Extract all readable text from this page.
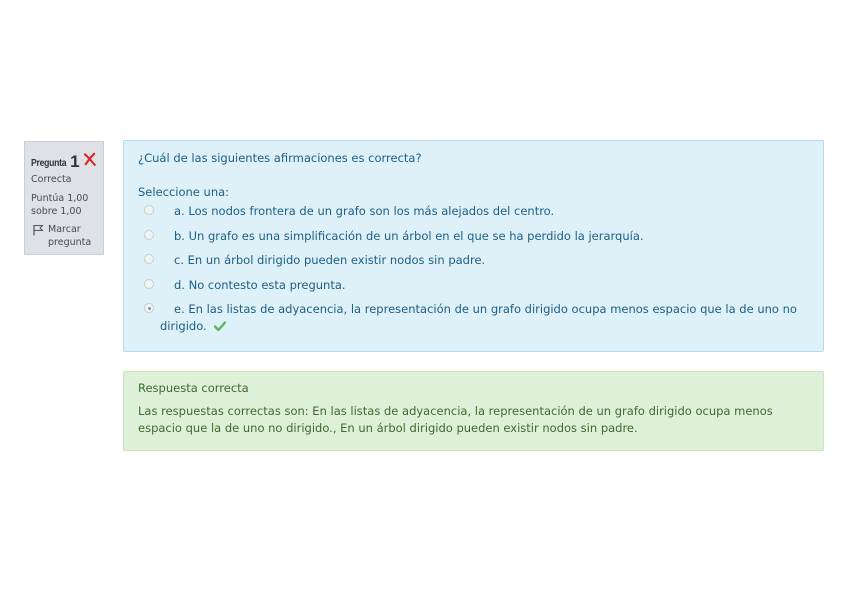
Pregunta 1
Correcta
Puntúa 1,00 sobre 1,00
Marcar pregunta
¿Cuál de las siguientes afirmaciones es correcta?
Seleccione una:
a. Los nodos frontera de un grafo son los más alejados del centro.
b. Un grafo es una simplificación de un árbol en el que se ha perdido la jerarquía.
c. En un árbol dirigido pueden existir nodos sin padre.
d. No contesto esta pregunta.
e. En las listas de adyacencia, la representación de un grafo dirigido ocupa menos espacio que la de uno no dirigido.
Respuesta correcta
Las respuestas correctas son: En las listas de adyacencia, la representación de un grafo dirigido ocupa menos espacio que la de uno no dirigido., En un árbol dirigido pueden existir nodos sin padre.
